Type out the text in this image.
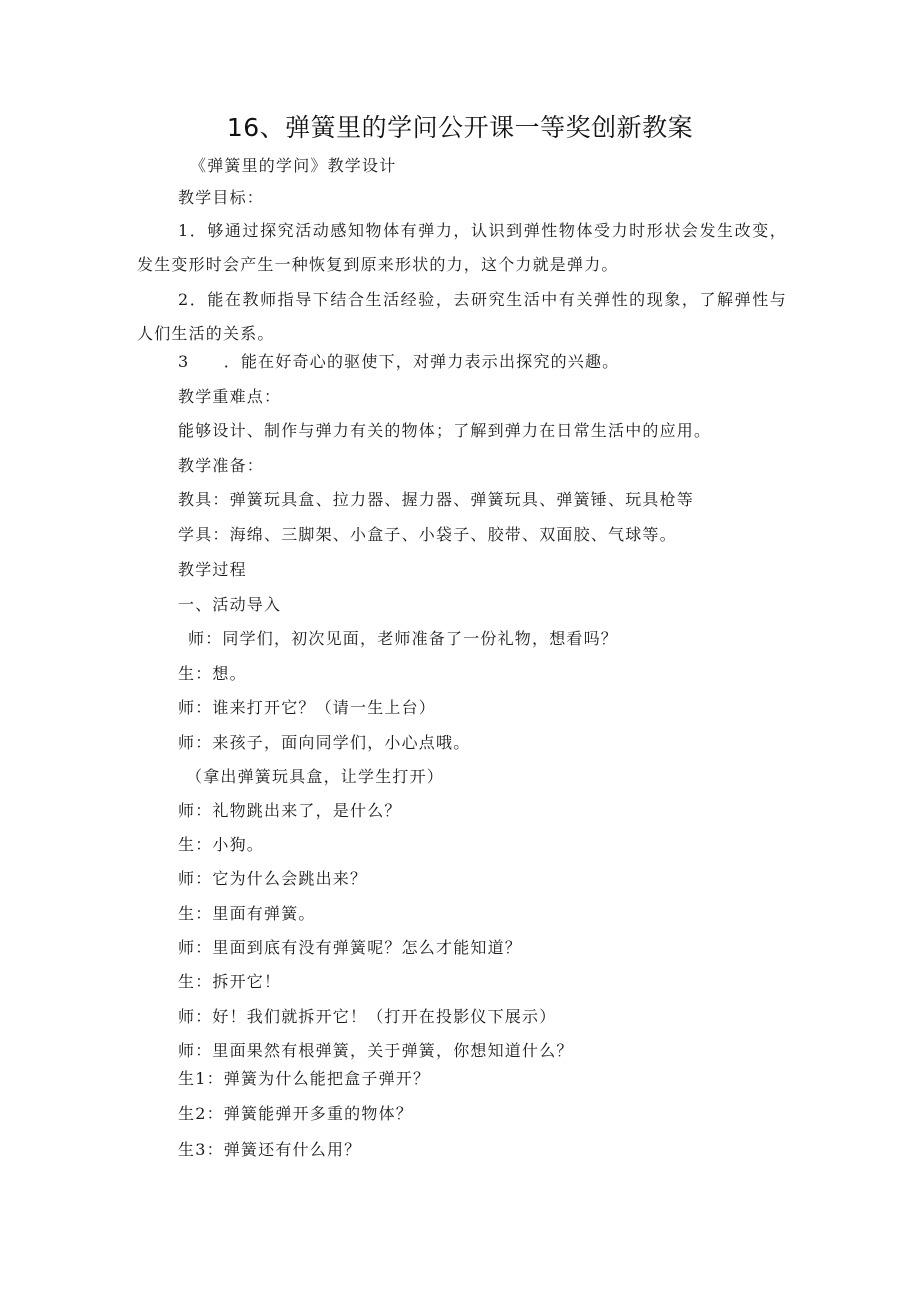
16、弹簧里的学问公开课一等奖创新教案
《弹簧里的学问》教学设计
教学目标：
1．够通过探究活动感知物体有弹力，认识到弹性物体受力时形状会发生改变，发生变形时会产生一种恢复到原来形状的力，这个力就是弹力。
2．能在教师指导下结合生活经验，去研究生活中有关弹性的现象，了解弹性与人们生活的关系。
3　　．能在好奇心的驱使下，对弹力表示出探究的兴趣。
教学重难点：
能够设计、制作与弹力有关的物体；了解到弹力在日常生活中的应用。
教学准备：
教具：弹簧玩具盒、拉力器、握力器、弹簧玩具、弹簧锤、玩具枪等
学具：海绵、三脚架、小盒子、小袋子、胶带、双面胶、气球等。
教学过程
一、活动导入
师：同学们，初次见面，老师准备了一份礼物，想看吗？
生：想。
师：谁来打开它？（请一生上台）
师：来孩子，面向同学们，小心点哦。
（拿出弹簧玩具盒，让学生打开）
师：礼物跳出来了，是什么？
生：小狗。
师：它为什么会跳出来？
生：里面有弹簧。
师：里面到底有没有弹簧呢？怎么才能知道？
生：拆开它！
师：好！我们就拆开它！（打开在投影仪下展示）
师：里面果然有根弹簧，关于弹簧，你想知道什么？
生1：弹簧为什么能把盒子弹开？
生2：弹簧能弹开多重的物体？
生3：弹簧还有什么用？
